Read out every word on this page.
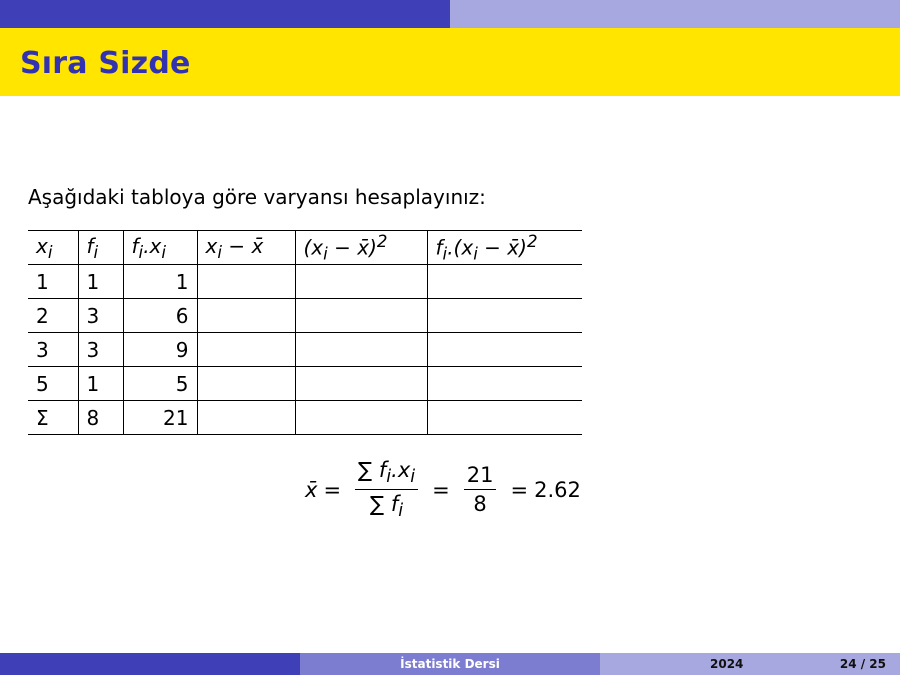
Sıra Sizde
Aşağıdaki tabloya göre varyansı hesaplayınız:
$x_i$	$f_i$	$f_i.x_i$	$x_i$ − x̄	($x_i$ − x̄)$^2$	$f_i.(x_i$ − x̄)$^2$
1	1	1			
2	3	6			
3	3	9			
5	1	5			
Σ	8	21			
x̄ = $\frac{\sum f_i.x_i}{\sum f_i} = \frac{21}{8} = 2.62$
İstatistik Dersi	2024	24 / 25
